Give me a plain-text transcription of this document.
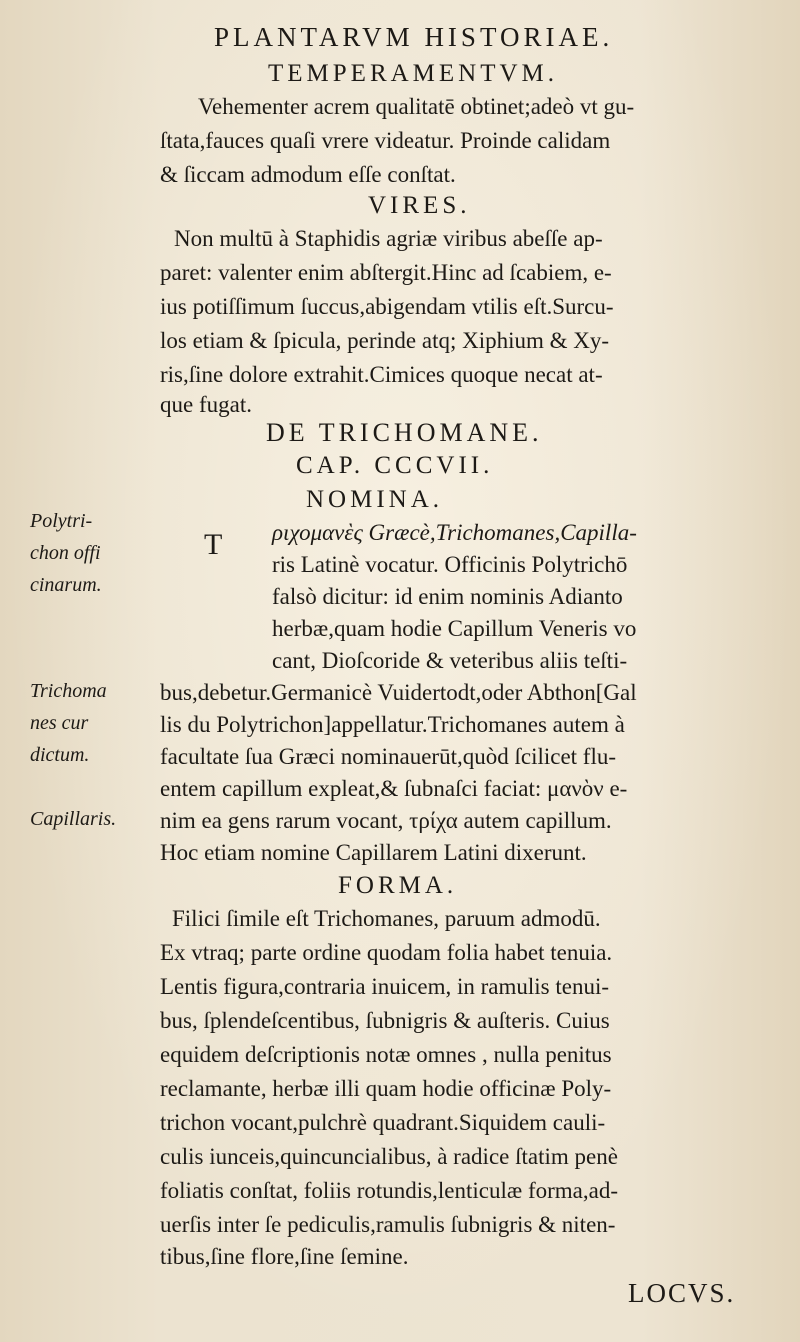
PLANTARVM HISTORIAE.
TEMPERAMENTVM.
Vehementer acrem qualitatē obtinet;adeò vt gu-
ſtata,fauces quaſi vrere videatur. Proinde calidam
& ſiccam admodum eſſe conſtat.
VIRES.
Non multū à Staphidis agriæ viribus abeſſe ap-
paret: valenter enim abſtergit.Hinc ad ſcabiem, e-
ius potiſſimum ſuccus,abigendam vtilis eſt.Surcu-
los etiam & ſpicula, perinde atq; Xiphium & Xy-
ris,ſine dolore extrahit.Cimices quoque necat at-
que fugat.
DE TRICHOMANE.
CAP. CCCVII.
NOMINA.
T ριχομανὲς Græcè,Trichomanes,Capilla-
ris Latinè vocatur. Officinis Polytrichō
falsò dicitur: id enim nominis Adianto
herbæ,quam hodie Capillum Veneris vo
cant, Dioſcoride & veteribus aliis teſti-
bus,debetur.Germanicè Vuidertodt,oder Abthon[Gal
lis du Polytrichon]appellatur.Trichomanes autem à
facultate ſua Græci nominauerūt,quòd ſcilicet flu-
entem capillum expleat,& ſubnaſci faciat: μανὸν e-
nim ea gens rarum vocant, τρίχα autem capillum.
Hoc etiam nomine Capillarem Latini dixerunt.
FORMA.
Filici ſimile eſt Trichomanes, paruum admodū.
Ex vtraq; parte ordine quodam folia habet tenuia.
Lentis figura,contraria inuicem, in ramulis tenui-
bus, ſplendeſcentibus, ſubnigris & auſteris. Cuius
equidem deſcriptionis notæ omnes , nulla penitus
reclamante, herbæ illi quam hodie officinæ Poly-
trichon vocant,pulchrè quadrant.Siquidem cauli-
culis iunceis,quincuncialibus, à radice ſtatim penè
foliatis conſtat, foliis rotundis,lenticulæ forma,ad-
uerſis inter ſe pediculis,ramulis ſubnigris & niten-
tibus,ſine flore,ſine ſemine.
LOCVS.
Polytri-
chon offi
cinarum.
Trichoma
nes cur
dictum.
Capillaris.
